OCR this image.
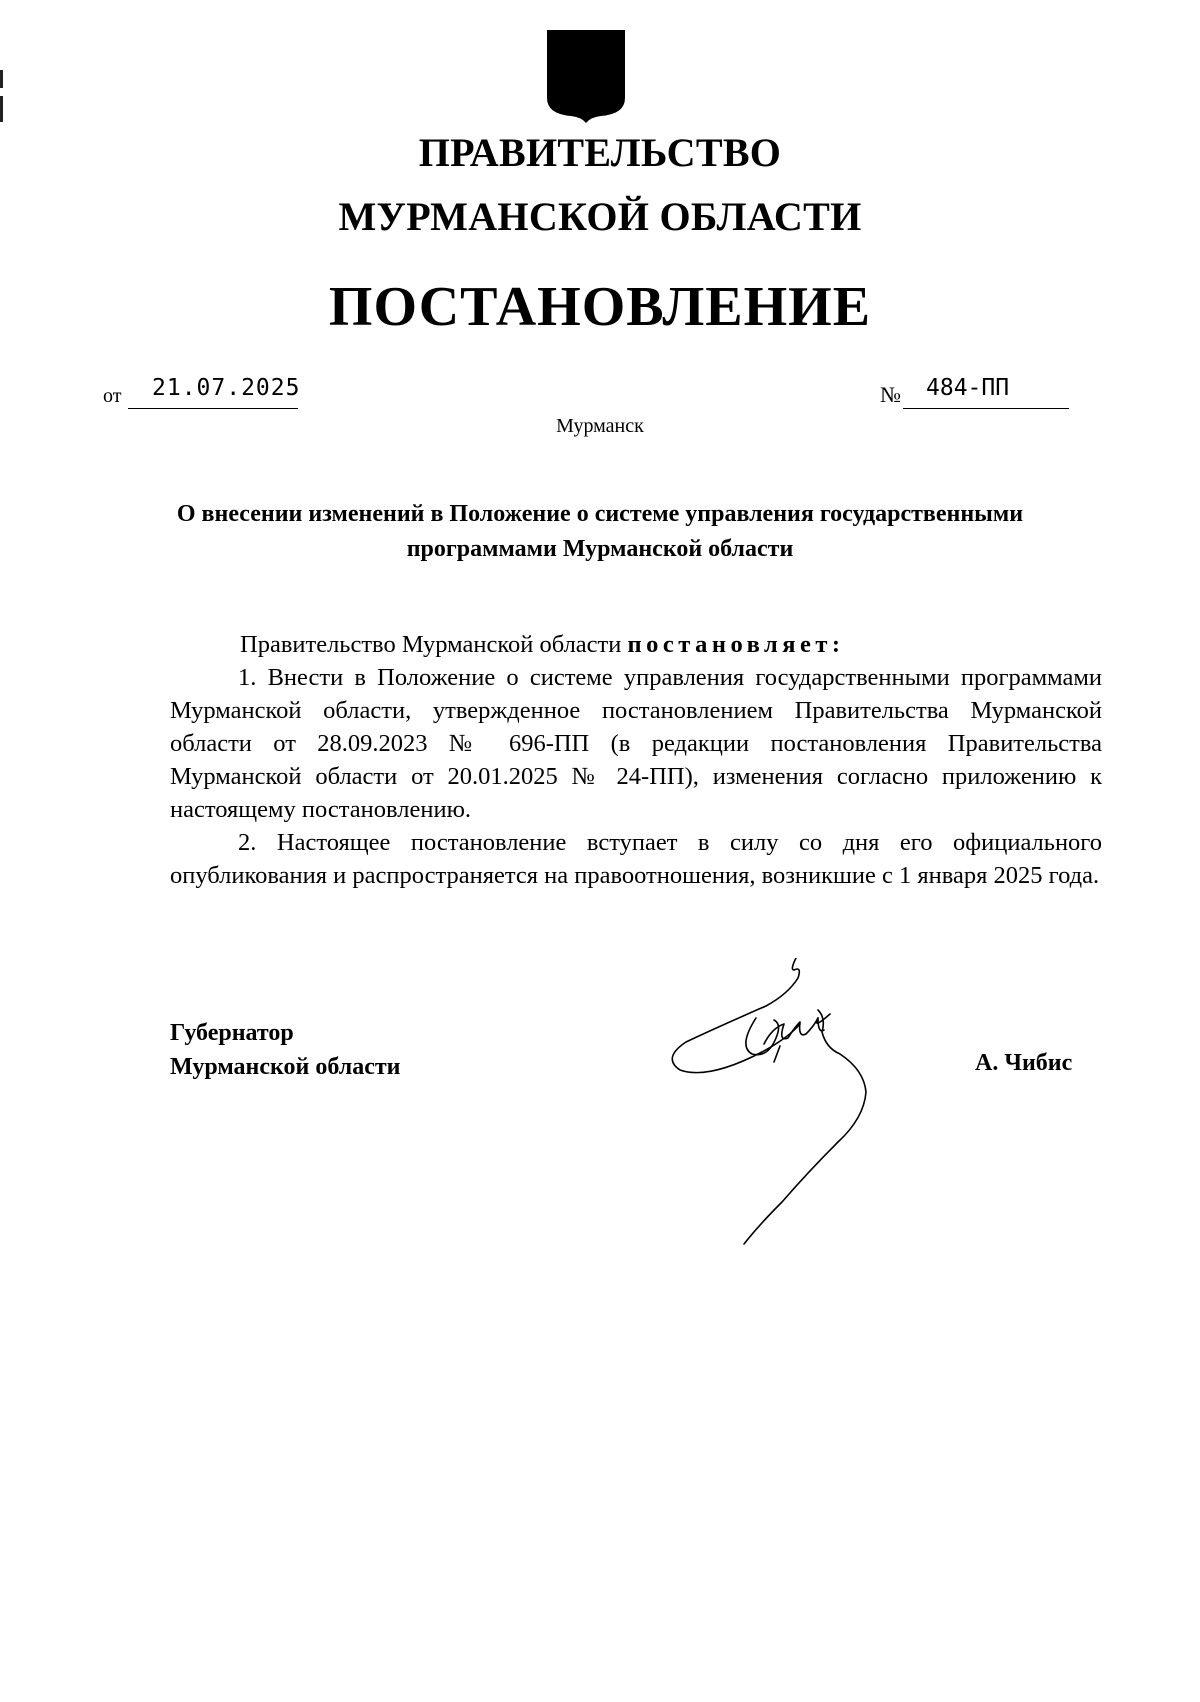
ПРАВИТЕЛЬСТВО
МУРМАНСКОЙ ОБЛАСТИ
ПОСТАНОВЛЕНИЕ
от 21.07.2025	№ 484-ПП
Мурманск
О внесении изменений в Положение о системе управления государственными программами Мурманской области

Правительство Мурманской области постановляет:

1. Внести в Положение о системе управления государственными программами Мурманской области, утвержденное постановлением Правительства Мурманской области от 28.09.2023 № 696-ПП (в редакции постановления Правительства Мурманской области от 20.01.2025 № 24-ПП), изменения согласно приложению к настоящему постановлению.

2. Настоящее постановление вступает в силу со дня его официального опубликования и распространяется на правоотношения, возникшие с 1 января 2025 года.

Губернатор
Мурманской области	А. Чибис
